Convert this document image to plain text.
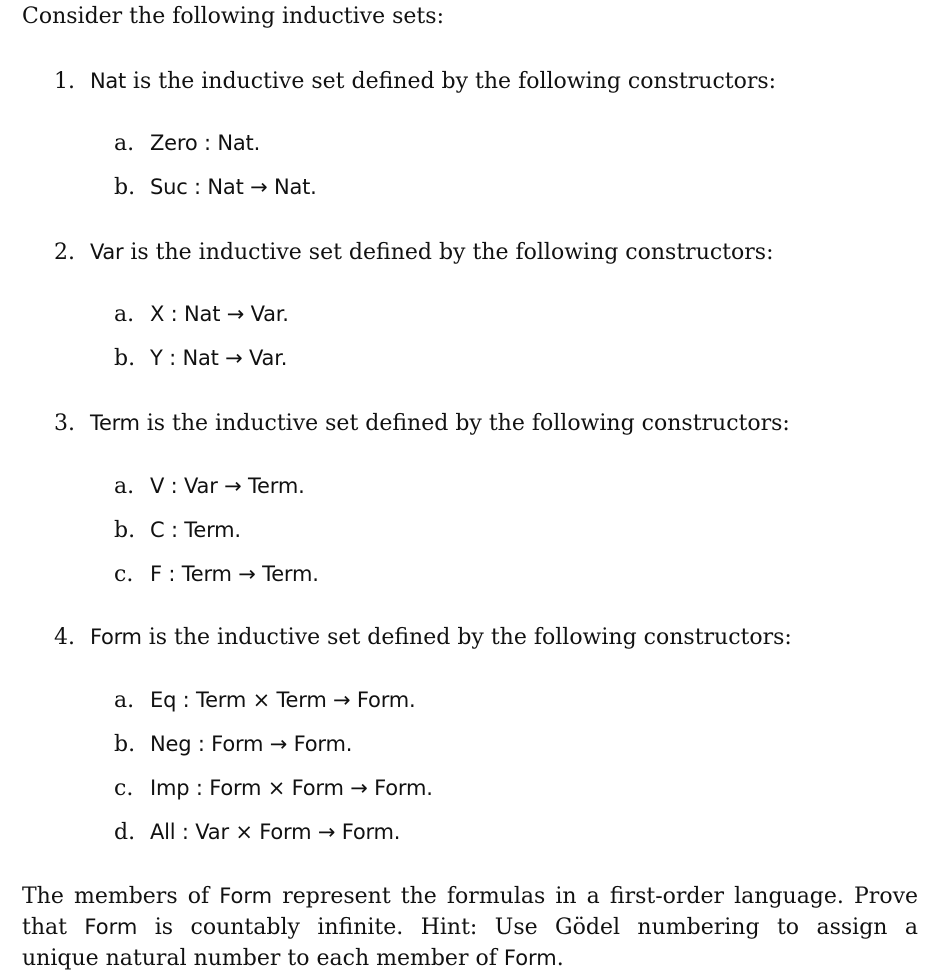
Consider the following inductive sets:
1. Nat is the inductive set defined by the following constructors:
a. Zero : Nat.
b. Suc : Nat → Nat.
2. Var is the inductive set defined by the following constructors:
a. X : Nat → Var.
b. Y : Nat → Var.
3. Term is the inductive set defined by the following constructors:
a. V : Var → Term.
b. C : Term.
c. F : Term → Term.
4. Form is the inductive set defined by the following constructors:
a. Eq : Term × Term → Form.
b. Neg : Form → Form.
c. Imp : Form × Form → Form.
d. All : Var × Form → Form.
The members of Form represent the formulas in a first-order language. Prove
that Form is countably infinite. Hint: Use Gödel numbering to assign a
unique natural number to each member of Form.
